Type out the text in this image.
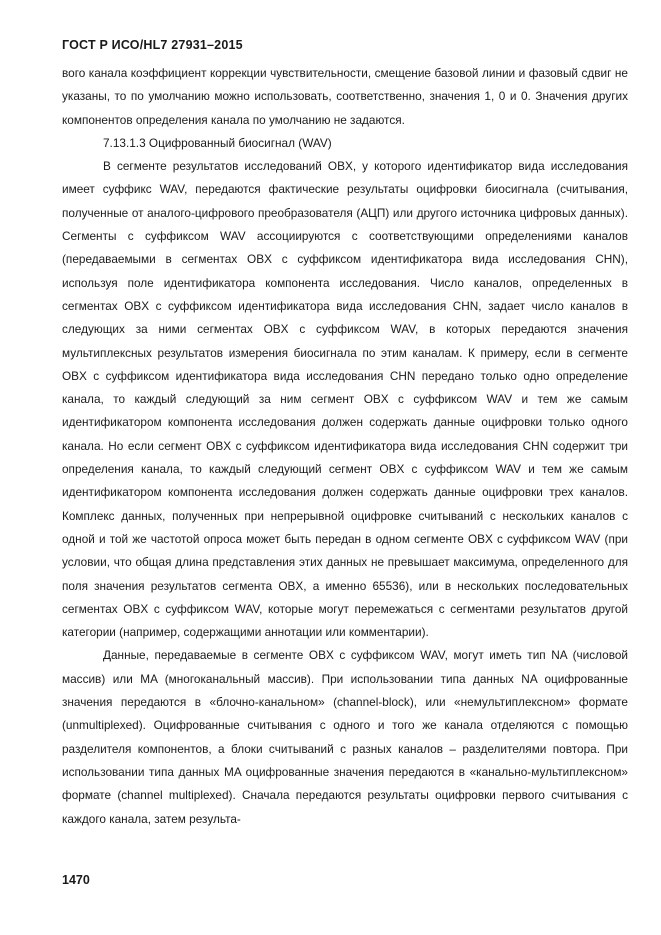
ГОСТ Р ИСО/HL7 27931–2015

вого канала коэффициент коррекции чувствительности, смещение базовой линии и фазовый сдвиг не указаны, то по умолчанию можно использовать, соответственно, значения 1, 0 и 0. Значения других компонентов определения канала по умолчанию не задаются.

7.13.1.3 Оцифрованный биосигнал (WAV)

В сегменте результатов исследований OBX, у которого идентификатор вида исследования имеет суффикс WAV, передаются фактические результаты оцифровки биосигнала (считывания, полученные от аналого-цифрового преобразователя (АЦП) или другого источника цифровых данных). Сегменты с суффиксом WAV ассоциируются с соответствующими определениями каналов (передаваемыми в сегментах OBX с суффиксом идентификатора вида исследования CHN), используя поле идентификатора компонента исследования. Число каналов, определенных в сегментах OBX с суффиксом идентификатора вида исследования CHN, задает число каналов в следующих за ними сегментах OBX с суффиксом WAV, в которых передаются значения мультиплексных результатов измерения биосигнала по этим каналам. К примеру, если в сегменте OBX с суффиксом идентификатора вида исследования CHN передано только одно определение канала, то каждый следующий за ним сегмент OBX с суффиксом WAV и тем же самым идентификатором компонента исследования должен содержать данные оцифровки только одного канала. Но если сегмент OBX с суффиксом идентификатора вида исследования CHN содержит три определения канала, то каждый следующий сегмент OBX с суффиксом WAV и тем же самым идентификатором компонента исследования должен содержать данные оцифровки трех каналов. Комплекс данных, полученных при непрерывной оцифровке считываний с нескольких каналов с одной и той же частотой опроса может быть передан в одном сегменте OBX с суффиксом WAV (при условии, что общая длина представления этих данных не превышает максимума, определенного для поля значения результатов сегмента OBX, а именно 65536), или в нескольких последовательных сегментах OBX с суффиксом WAV, которые могут перемежаться с сегментами результатов другой категории (например, содержащими аннотации или комментарии).

Данные, передаваемые в сегменте OBX с суффиксом WAV, могут иметь тип NA (числовой массив) или MA (многоканальный массив). При использовании типа данных NA оцифрованные значения передаются в «блочно-канальном» (channel-block), или «немультиплексном» формате (unmultiplexed). Оцифрованные считывания с одного и того же канала отделяются с помощью разделителя компонентов, а блоки считываний с разных каналов – разделителями повтора. При использовании типа данных MA оцифрованные значения передаются в «канально-мультиплексном» формате (channel multiplexed). Сначала передаются результаты оцифровки первого считывания с каждого канала, затем результа-

1470
